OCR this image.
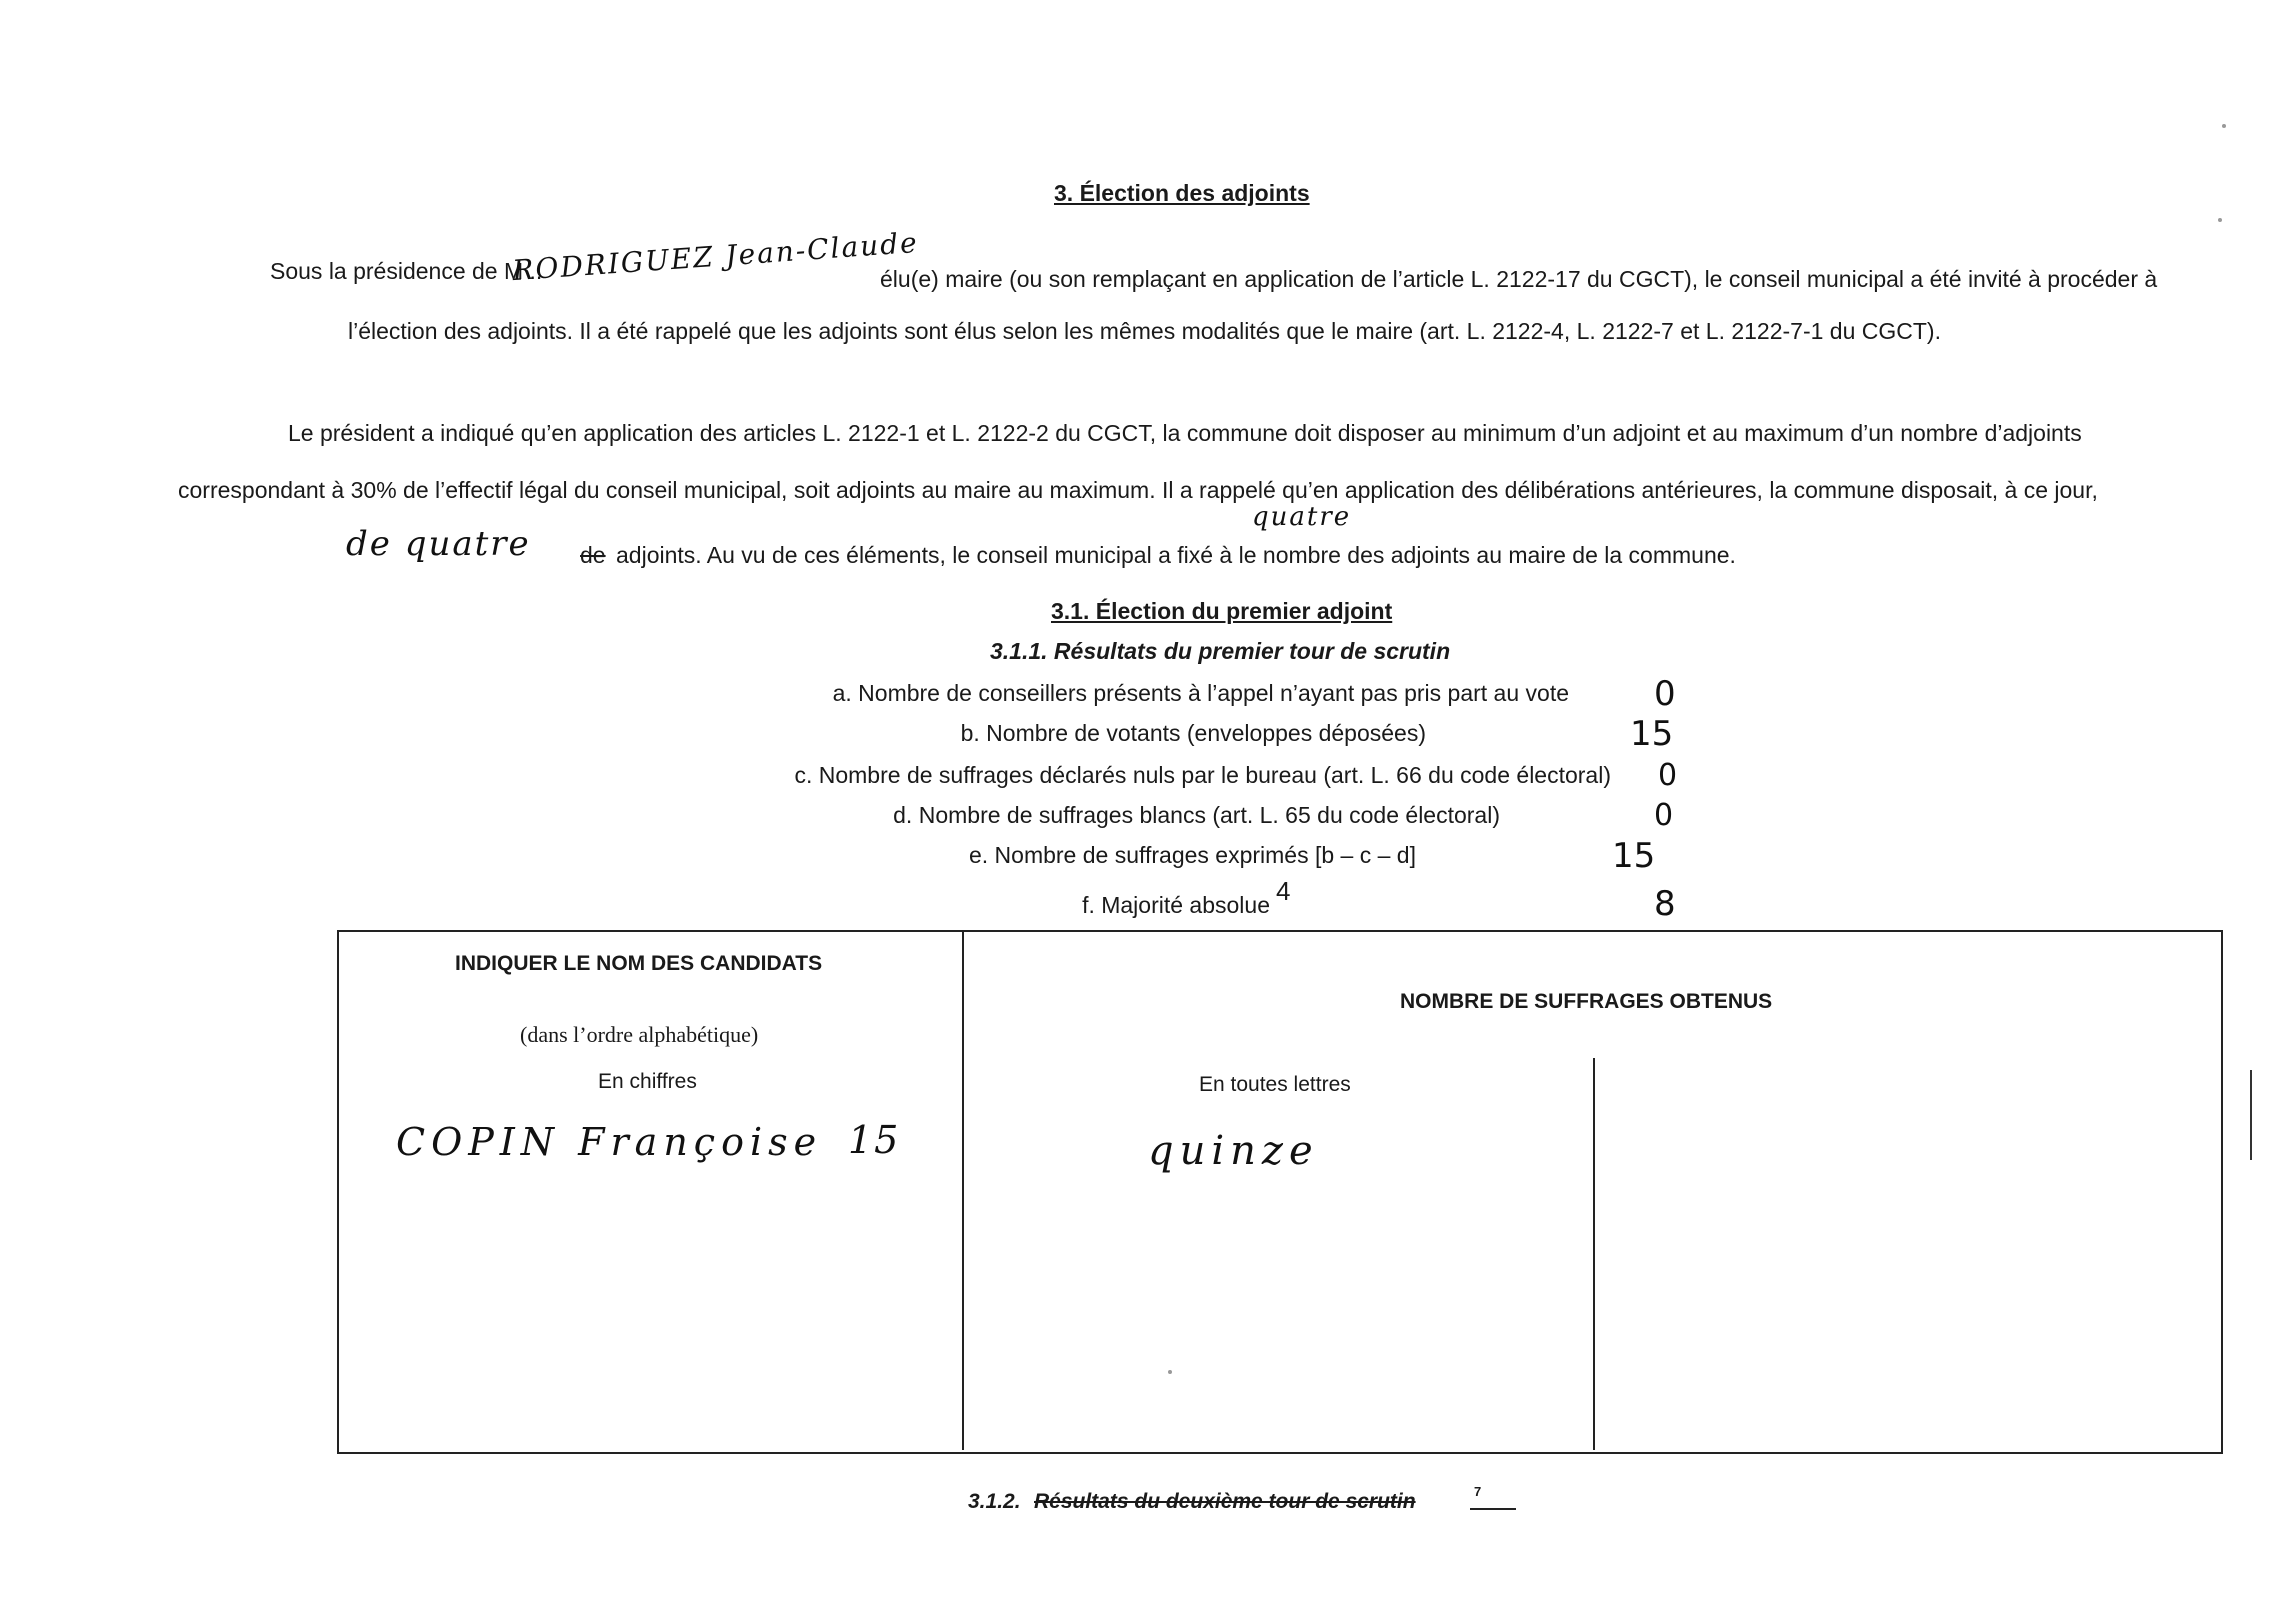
3. Élection des adjoints
Sous la présidence de M ..
RODRIGUEZ Jean-Claude
élu(e) maire (ou son remplaçant en application de l’article L. 2122-17 du CGCT), le conseil municipal a été invité à procéder à
l’élection des adjoints. Il a été rappelé que les adjoints sont élus selon les mêmes modalités que le maire (art. L. 2122-4, L. 2122-7 et L. 2122-7-1 du CGCT).
Le président a indiqué qu’en application des articles L. 2122-1 et L. 2122-2 du CGCT, la commune doit disposer au minimum d’un adjoint et au maximum d’un nombre d’adjoints
correspondant à 30% de l’effectif légal du conseil municipal, soit adjoints au maire au maximum. Il a rappelé qu’en application des délibérations antérieures, la commune disposait, à ce jour,
de quatre de adjoints. Au vu de ces éléments, le conseil municipal a fixé à le nombre des adjoints au maire de la commune.
quatre
3.1. Élection du premier adjoint
3.1.1. Résultats du premier tour de scrutin
a. Nombre de conseillers présents à l’appel n’ayant pas pris part au vote	0
b. Nombre de votants (enveloppes déposées)	15
c. Nombre de suffrages déclarés nuls par le bureau (art. L. 66 du code électoral) 0
d. Nombre de suffrages blancs (art. L. 65 du code électoral)	0
e. Nombre de suffrages exprimés [b – c – d]	15
f. Majorité absolue 4	8
INDIQUER LE NOM DES CANDIDATS
(dans l’ordre alphabétique)
En chiffres
NOMBRE DE SUFFRAGES OBTENUS
En toutes lettres
COPIN Françoise 15	quinze
3.1.2. Résultats du deuxième tour de scrutin	7
